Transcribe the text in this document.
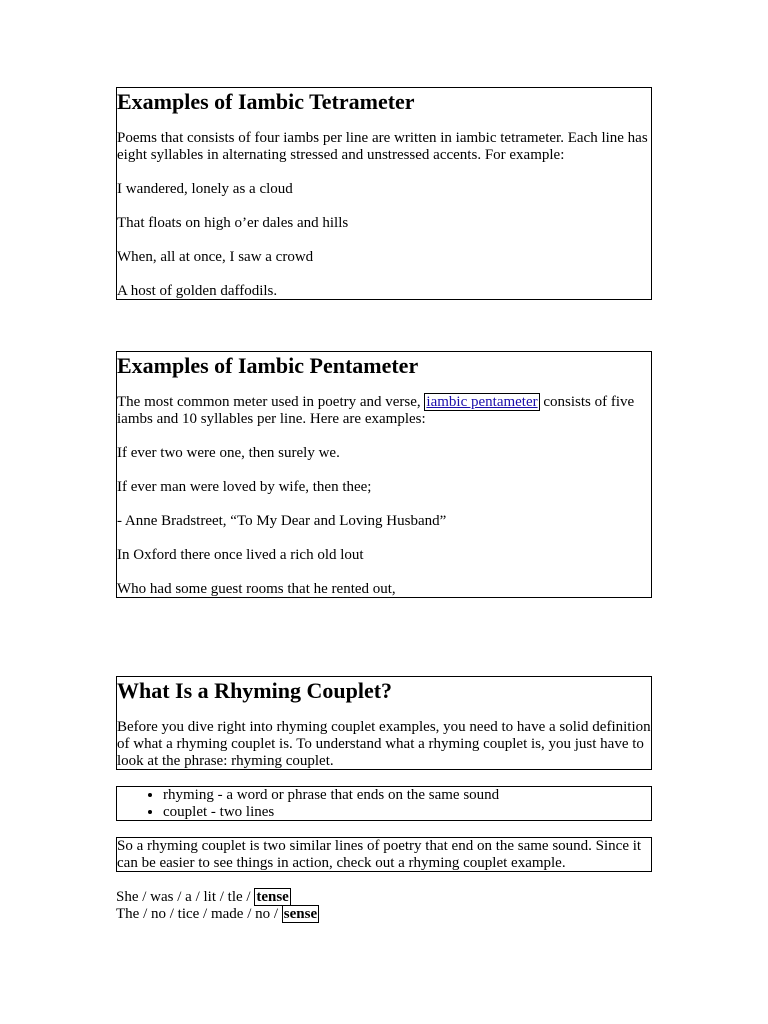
Examples of Iambic Tetrameter

Poems that consists of four iambs per line are written in iambic tetrameter. Each line has eight syllables in alternating stressed and unstressed accents. For example:

I wandered, lonely as a cloud

That floats on high o’er dales and hills

When, all at once, I saw a crowd

A host of golden daffodils.

Examples of Iambic Pentameter

The most common meter used in poetry and verse, iambic pentameter consists of five iambs and 10 syllables per line. Here are examples:

If ever two were one, then surely we.

If ever man were loved by wife, then thee;

- Anne Bradstreet, “To My Dear and Loving Husband”

In Oxford there once lived a rich old lout

Who had some guest rooms that he rented out,

What Is a Rhyming Couplet?

Before you dive right into rhyming couplet examples, you need to have a solid definition of what a rhyming couplet is. To understand what a rhyming couplet is, you just have to look at the phrase: rhyming couplet.

• rhyming - a word or phrase that ends on the same sound
• couplet - two lines

So a rhyming couplet is two similar lines of poetry that end on the same sound. Since it can be easier to see things in action, check out a rhyming couplet example.

She / was / a / lit / tle / tense
The / no / tice / made / no / sense
